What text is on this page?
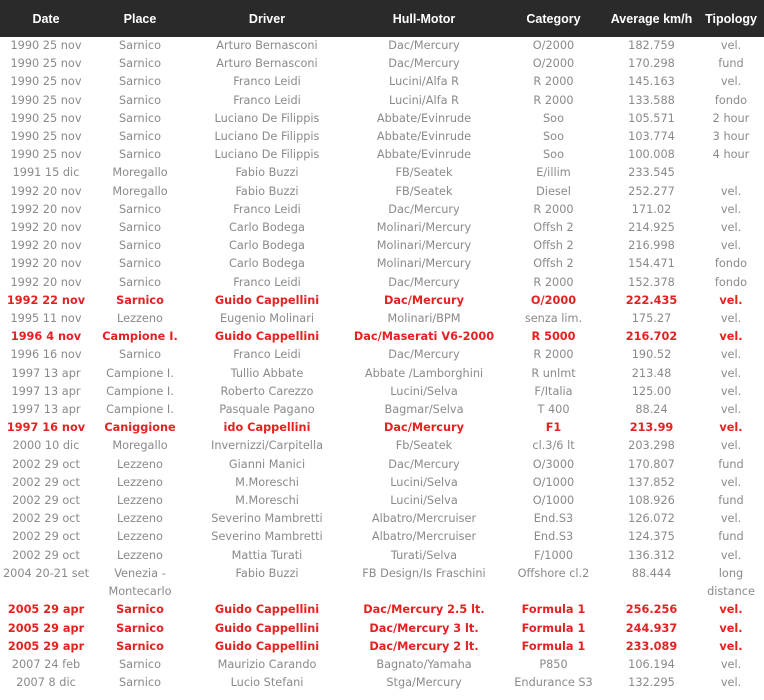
Date	Place	Driver	Hull-Motor	Category	Average km/h	Tipology
1990 25 nov	Sarnico	Arturo Bernasconi	Dac/Mercury	O/2000	182.759	vel.
1990 25 nov	Sarnico	Arturo Bernasconi	Dac/Mercury	O/2000	170.298	fund
1990 25 nov	Sarnico	Franco Leidi	Lucini/Alfa R	R 2000	145.163	vel.
1990 25 nov	Sarnico	Franco Leidi	Lucini/Alfa R	R 2000	133.588	fondo
1990 25 nov	Sarnico	Luciano De Filippis	Abbate/Evinrude	Soo	105.571	2 hour
1990 25 nov	Sarnico	Luciano De Filippis	Abbate/Evinrude	Soo	103.774	3 hour
1990 25 nov	Sarnico	Luciano De Filippis	Abbate/Evinrude	Soo	100.008	4 hour
1991 15 dic	Moregallo	Fabio Buzzi	FB/Seatek	E/illim	233.545	
1992 20 nov	Moregallo	Fabio Buzzi	FB/Seatek	Diesel	252.277	vel.
1992 20 nov	Sarnico	Franco Leidi	Dac/Mercury	R 2000	171.02	vel.
1992 20 nov	Sarnico	Carlo Bodega	Molinari/Mercury	Offsh 2	214.925	vel.
1992 20 nov	Sarnico	Carlo Bodega	Molinari/Mercury	Offsh 2	216.998	vel.
1992 20 nov	Sarnico	Carlo Bodega	Molinari/Mercury	Offsh 2	154.471	fondo
1992 20 nov	Sarnico	Franco Leidi	Dac/Mercury	R 2000	152.378	fondo
1992 22 nov	Sarnico	Guido Cappellini	Dac/Mercury	O/2000	222.435	vel.
1995 11 nov	Lezzeno	Eugenio Molinari	Molinari/BPM	senza lim.	175.27	vel.
1996 4 nov	Campione I.	Guido Cappellini	Dac/Maserati V6-2000	R 5000	216.702	vel.
1996 16 nov	Sarnico	Franco Leidi	Dac/Mercury	R 2000	190.52	vel.
1997 13 apr	Campione I.	Tullio Abbate	Abbate /Lamborghini	R unlmt	213.48	vel.
1997 13 apr	Campione I.	Roberto Carezzo	Lucini/Selva	F/Italia	125.00	vel.
1997 13 apr	Campione I.	Pasquale Pagano	Bagmar/Selva	T 400	88.24	vel.
1997 16 nov	Caniggione	ido Cappellini	Dac/Mercury	F1	213.99	vel.
2000 10 dic	Moregallo	Invernizzi/Carpitella	Fb/Seatek	cl.3/6 lt	203.298	vel.
2002 29 oct	Lezzeno	Gianni Manici	Dac/Mercury	O/3000	170.807	fund
2002 29 oct	Lezzeno	M.Moreschi	Lucini/Selva	O/1000	137.852	vel.
2002 29 oct	Lezzeno	M.Moreschi	Lucini/Selva	O/1000	108.926	fund
2002 29 oct	Lezzeno	Severino Mambretti	Albatro/Mercruiser	End.S3	126.072	vel.
2002 29 oct	Lezzeno	Severino Mambretti	Albatro/Mercruiser	End.S3	124.375	fund
2002 29 oct	Lezzeno	Mattia Turati	Turati/Selva	F/1000	136.312	vel.
2004 20-21 set	Venezia - Montecarlo	Fabio Buzzi	FB Design/Is Fraschini	Offshore cl.2	88.444	long distance
2005 29 apr	Sarnico	Guido Cappellini	Dac/Mercury 2.5 lt.	Formula 1	256.256	vel.
2005 29 apr	Sarnico	Guido Cappellini	Dac/Mercury 3 lt.	Formula 1	244.937	vel.
2005 29 apr	Sarnico	Guido Cappellini	Dac/Mercury 2 lt.	Formula 1	233.089	vel.
2007 24 feb	Sarnico	Maurizio Carando	Bagnato/Yamaha	P850	106.194	vel.
2007 8 dic	Sarnico	Lucio Stefani	Stga/Mercury	Endurance S3	132.295	vel.
